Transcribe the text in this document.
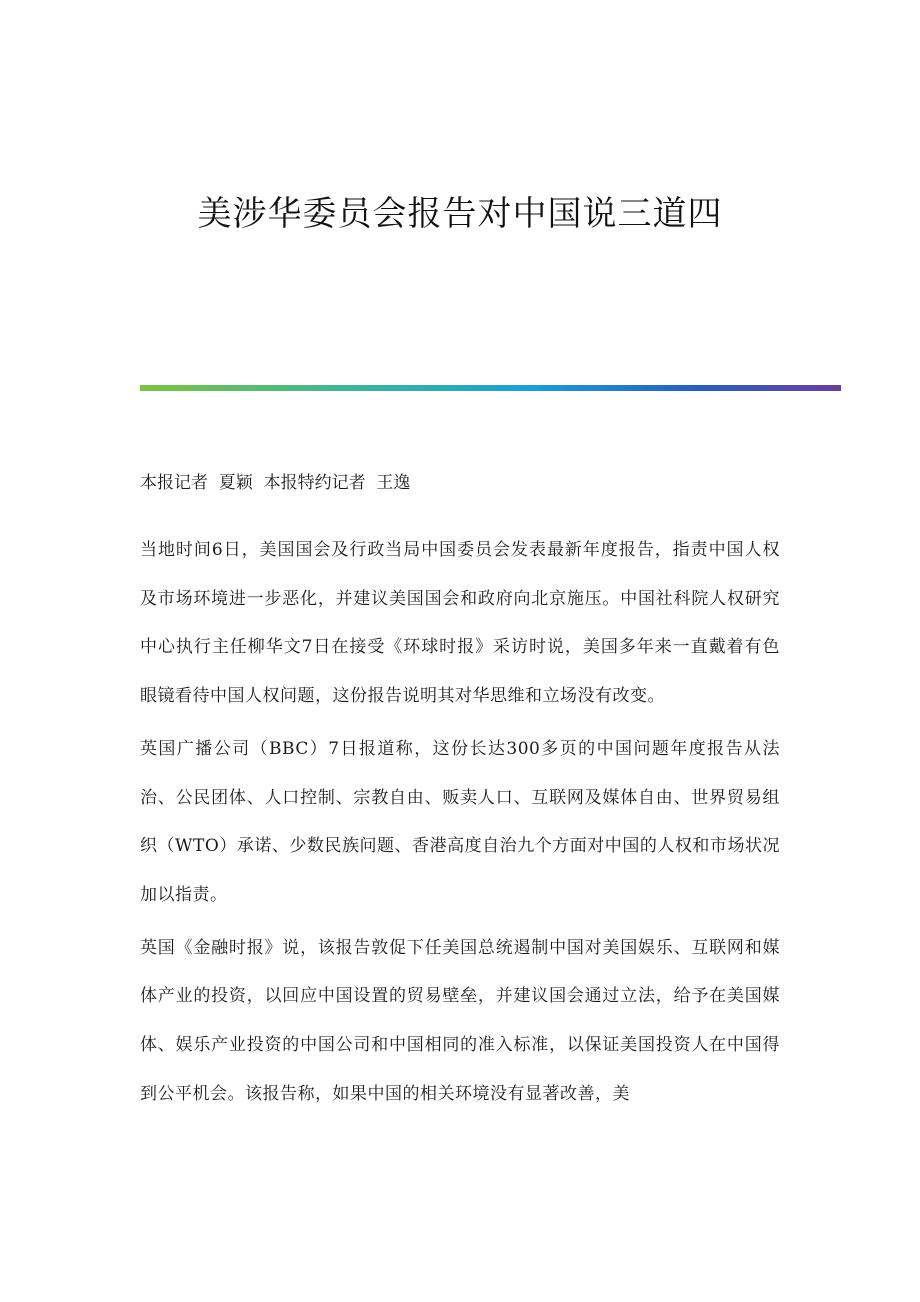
美涉华委员会报告对中国说三道四

本报记者  夏颖  本报特约记者  王逸

当地时间6日，美国国会及行政当局中国委员会发表最新年度报告，指责中国人权及市场环境进一步恶化，并建议美国国会和政府向北京施压。中国社科院人权研究中心执行主任柳华文7日在接受《环球时报》采访时说，美国多年来一直戴着有色眼镜看待中国人权问题，这份报告说明其对华思维和立场没有改变。

英国广播公司（BBC）7日报道称，这份长达300多页的中国问题年度报告从法治、公民团体、人口控制、宗教自由、贩卖人口、互联网及媒体自由、世界贸易组织（WTO）承诺、少数民族问题、香港高度自治九个方面对中国的人权和市场状况加以指责。

英国《金融时报》说，该报告敦促下任美国总统遏制中国对美国娱乐、互联网和媒体产业的投资，以回应中国设置的贸易壁垒，并建议国会通过立法，给予在美国媒体、娱乐产业投资的中国公司和中国相同的准入标准，以保证美国投资人在中国得到公平机会。该报告称，如果中国的相关环境没有显著改善，美
